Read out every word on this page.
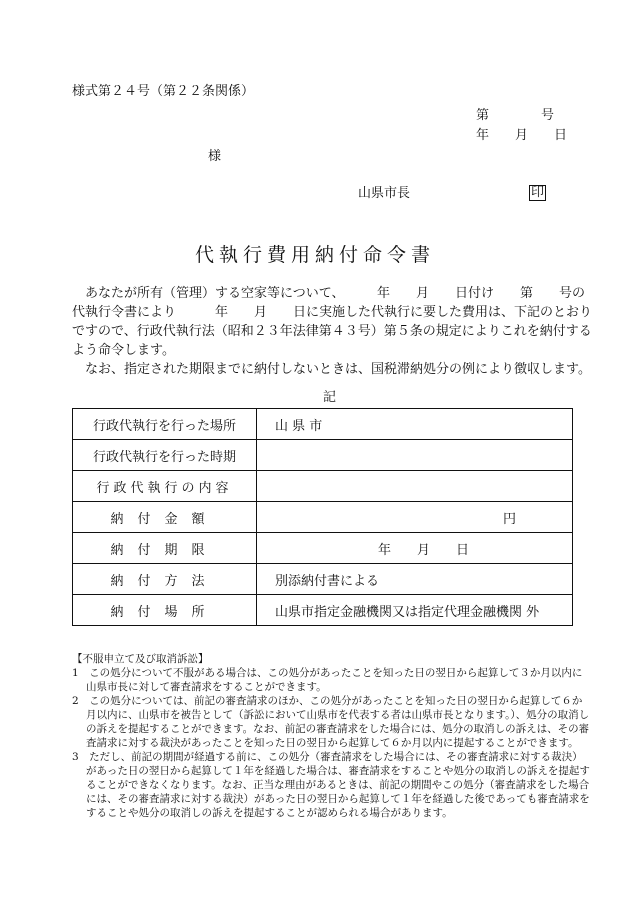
様式第２４号（第２２条関係）
第　　　　号
年　　月　　日
様
山県市長	印
代執行費用納付命令書
あなたが所有（管理）する空家等について、　　　年　　月　　日付け　　第　　号の代執行令書により　　　年　　月　　日に実施した代執行に要した費用は、下記のとおりですので、行政代執行法（昭和２３年法律第４３号）第５条の規定によりこれを納付するよう命令します。
なお、指定された期限までに納付しないときは、国税滞納処分の例により徴収します。
記
行政代執行を行った場所	山 県 市

行政代執行を行った時期	

行政代執行の内容	

納付金額	円

納付期限	年　　月　　日

納付方法	別添納付書による

納付場所	山県市指定金融機関又は指定代理金融機関 外

【不服申立て及び取消訴訟】

1　この処分について不服がある場合は、この処分があったことを知った日の翌日から起算して３か月以内に山県市長に対して審査請求をすることができます。

2　この処分については、前記の審査請求のほか、この処分があったことを知った日の翌日から起算して６か月以内に、山県市を被告として（訴訟において山県市を代表する者は山県市長となります。）、処分の取消しの訴えを提起することができます。なお、前記の審査請求をした場合には、処分の取消しの訴えは、その審査請求に対する裁決があったことを知った日の翌日から起算して６か月以内に提起することができます。

3　ただし、前記の期間が経過する前に、この処分（審査請求をした場合には、その審査請求に対する裁決）があった日の翌日から起算して１年を経過した場合は、審査請求をすることや処分の取消しの訴えを提起することができなくなります。なお、正当な理由があるときは、前記の期間やこの処分（審査請求をした場合には、その審査請求に対する裁決）があった日の翌日から起算して１年を経過した後であっても審査請求をすることや処分の取消しの訴えを提起することが認められる場合があります。
